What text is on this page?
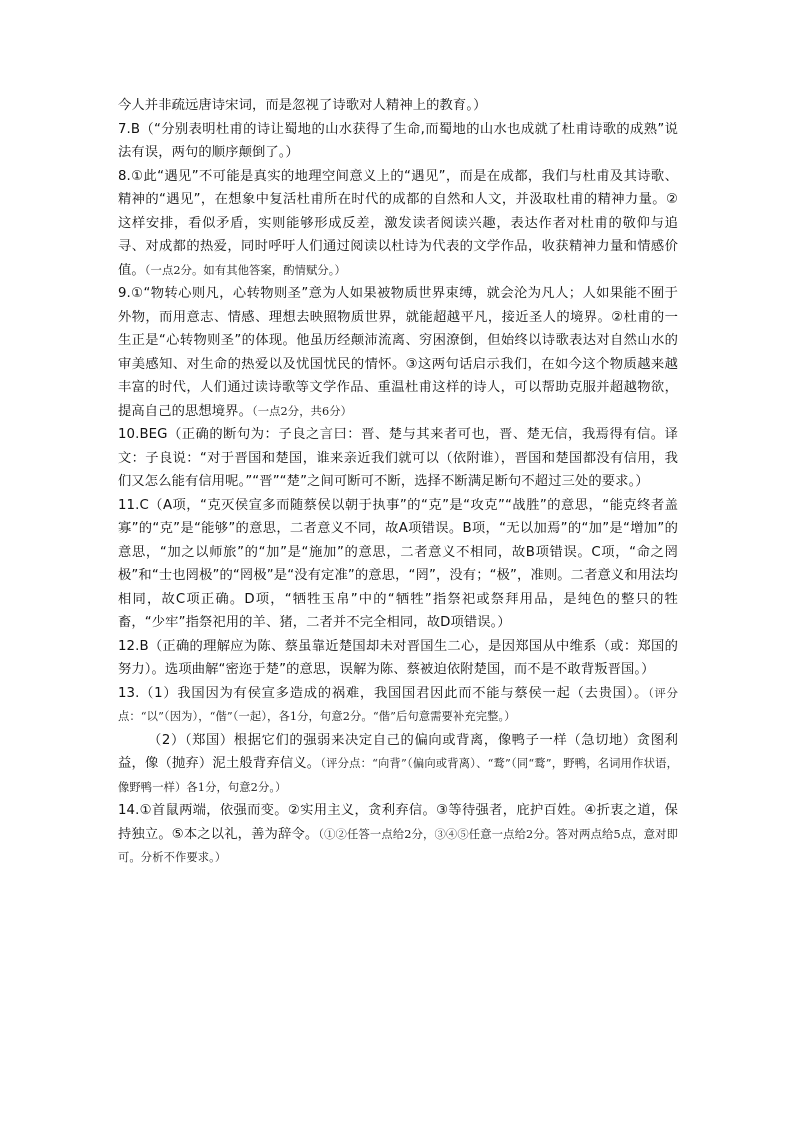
今人并非疏远唐诗宋词，而是忽视了诗歌对人精神上的教育。）

7.B（“分别表明杜甫的诗让蜀地的山水获得了生命,而蜀地的山水也成就了杜甫诗歌的成熟”说法有误，两句的顺序颠倒了。）

8.①此“遇见”不可能是真实的地理空间意义上的“遇见”，而是在成都，我们与杜甫及其诗歌、精神的“遇见”，在想象中复活杜甫所在时代的成都的自然和人文，并汲取杜甫的精神力量。②这样安排，看似矛盾，实则能够形成反差，激发读者阅读兴趣，表达作者对杜甫的敬仰与追寻、对成都的热爱，同时呼吁人们通过阅读以杜诗为代表的文学作品，收获精神力量和情感价值。（一点2分。如有其他答案，酌情赋分。）

9.①“物转心则凡，心转物则圣”意为人如果被物质世界束缚，就会沦为凡人；人如果能不囿于外物，而用意志、情感、理想去映照物质世界，就能超越平凡，接近圣人的境界。②杜甫的一生正是“心转物则圣”的体现。他虽历经颠沛流离、穷困潦倒，但始终以诗歌表达对自然山水的审美感知、对生命的热爱以及忧国忧民的情怀。③这两句话启示我们，在如今这个物质越来越丰富的时代，人们通过读诗歌等文学作品、重温杜甫这样的诗人，可以帮助克服并超越物欲，提高自己的思想境界。（一点2分，共6分）

10.BEG（正确的断句为：子良之言曰：晋、楚与其来者可也，晋、楚无信，我焉得有信。译文：子良说：“对于晋国和楚国，谁来亲近我们就可以（依附谁），晋国和楚国都没有信用，我们又怎么能有信用呢。”“晋”“楚”之间可断可不断，选择不断满足断句不超过三处的要求。）

11.C（A项，“克灭侯宣多而随蔡侯以朝于执事”的“克”是“攻克”“战胜”的意思，“能克终者盖寡”的“克”是“能够”的意思，二者意义不同，故A项错误。B项，“无以加焉”的“加”是“增加”的意思，“加之以师旅”的“加”是“施加”的意思，二者意义不相同，故B项错误。C项，“命之罔极”和“士也罔极”的“罔极”是“没有定准”的意思，“罔”，没有；“极”，准则。二者意义和用法均相同，故C项正确。D项，“牺牲玉帛”中的“牺牲”指祭祀或祭拜用品，是纯色的整只的牲畜，“少牢”指祭祀用的羊、猪，二者并不完全相同，故D项错误。）

12.B（正确的理解应为陈、蔡虽靠近楚国却未对晋国生二心，是因郑国从中维系（或：郑国的努力）。选项曲解“密迩于楚”的意思，误解为陈、蔡被迫依附楚国，而不是不敢背叛晋国。）

13.（1）我国因为有侯宣多造成的祸难，我国国君因此而不能与蔡侯一起（去贵国）。（评分点：“以”（因为），“偕”（一起），各1分，句意2分。“偕”后句意需要补充完整。）

（2）（郑国）根据它们的强弱来决定自己的偏向或背离，像鸭子一样（急切地）贪图利益，像（抛弃）泥土般背弃信义。（评分点：“向背”（偏向或背离）、“鹜”（同“鹜”，野鸭，名词用作状语，像野鸭一样）各1分，句意2分。）

14.①首鼠两端，依强而变。②实用主义，贪利弃信。③等待强者，庇护百姓。④折衷之道，保持独立。⑤本之以礼，善为辞令。（①②任答一点给2分，③④⑤任意一点给2分。答对两点给5点，意对即可。分析不作要求。）
